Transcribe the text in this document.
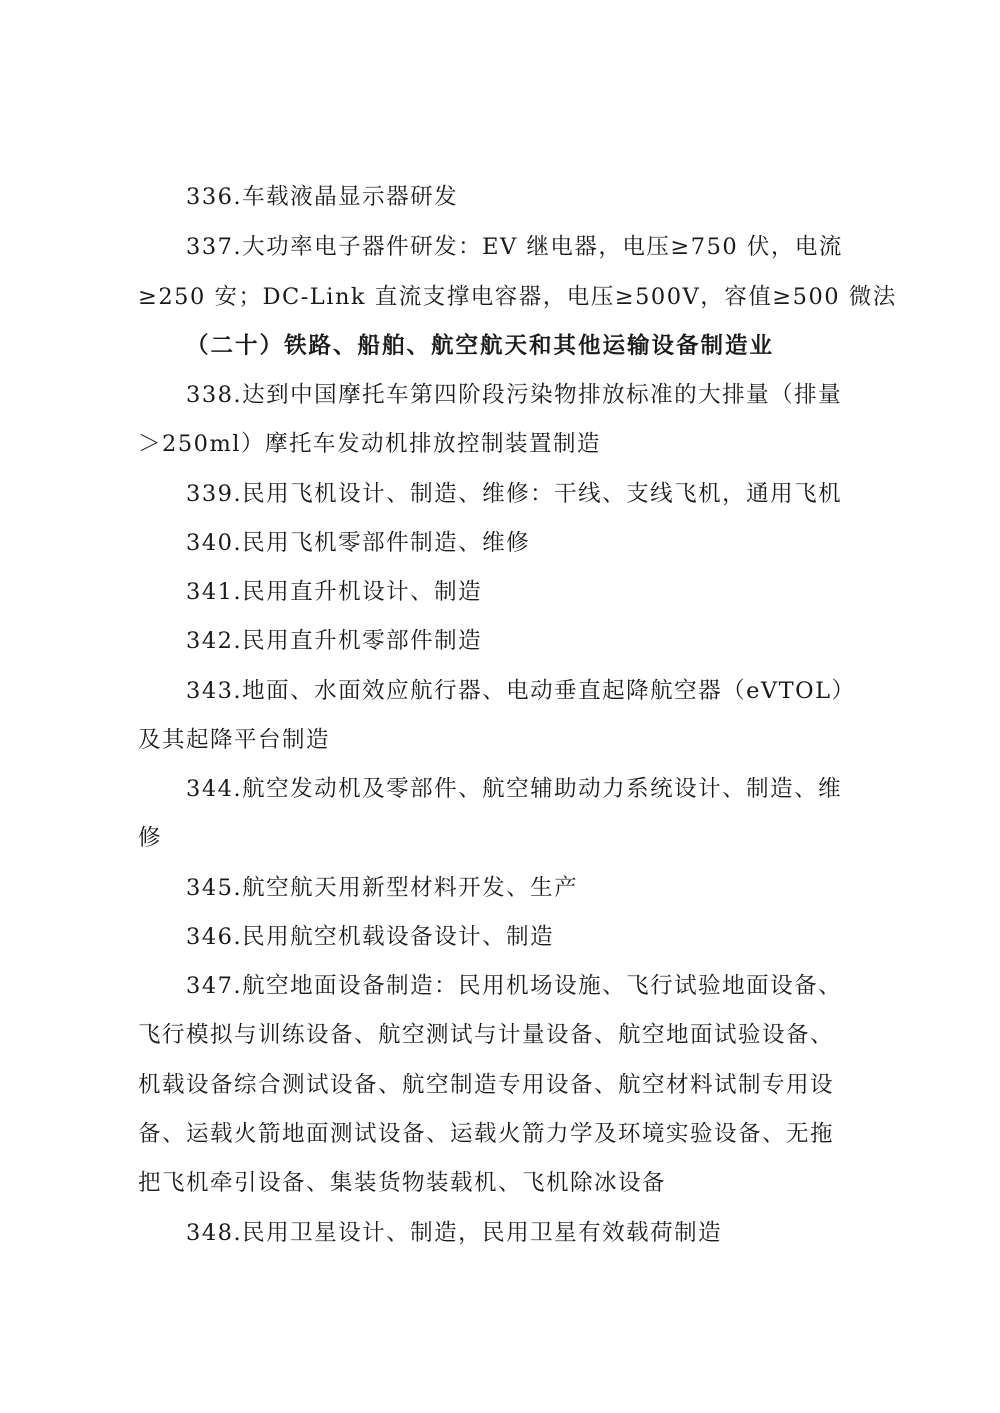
336.车载液晶显示器研发
337.大功率电子器件研发：EV 继电器，电压≥750 伏，电流
≥250 安；DC-Link 直流支撑电容器，电压≥500V，容值≥500 微法
（二十）铁路、船舶、航空航天和其他运输设备制造业
338.达到中国摩托车第四阶段污染物排放标准的大排量（排量
＞250ml）摩托车发动机排放控制装置制造
339.民用飞机设计、制造、维修：干线、支线飞机，通用飞机
340.民用飞机零部件制造、维修
341.民用直升机设计、制造
342.民用直升机零部件制造
343.地面、水面效应航行器、电动垂直起降航空器（eVTOL）
及其起降平台制造
344.航空发动机及零部件、航空辅助动力系统设计、制造、维
修
345.航空航天用新型材料开发、生产
346.民用航空机载设备设计、制造
347.航空地面设备制造：民用机场设施、飞行试验地面设备、
飞行模拟与训练设备、航空测试与计量设备、航空地面试验设备、
机载设备综合测试设备、航空制造专用设备、航空材料试制专用设
备、运载火箭地面测试设备、运载火箭力学及环境实验设备、无拖
把飞机牵引设备、集装货物装载机、飞机除冰设备
348.民用卫星设计、制造，民用卫星有效载荷制造
